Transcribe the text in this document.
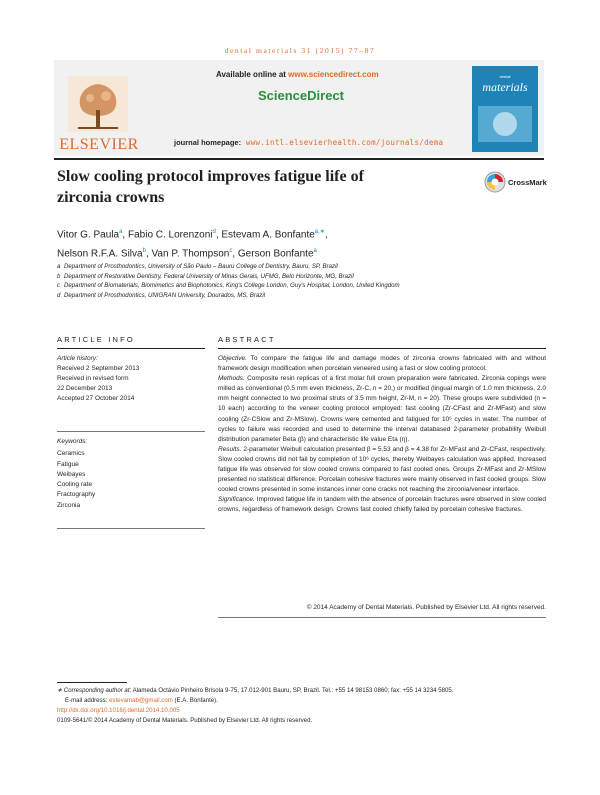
dental materials 31 (2015) 77–87
ELSEVIER
Available online at www.sciencedirect.com
ScienceDirect
journal homepage: www.intl.elsevierhealth.com/journals/dema
dental
materials
Slow cooling protocol improves fatigue life of
zirconia crowns
CrossMark
Vitor G. Paula$^a$, Fabio C. Lorenzoni$^d$, Estevam A. Bonfante$^{a,∗}$,
Nelson R.F.A. Silva$^b$, Van P. Thompson$^c$, Gerson Bonfante$^a$
a Department of Prosthodontics, University of São Paulo – Bauru College of Dentistry, Bauru, SP, Brazil
b Department of Restorative Dentistry, Federal University of Minas Gerais, UFMG, Belo Horizonte, MG, Brazil
c Department of Biomaterials, Biomimetics and Biophotonics, King's College London, Guy's Hospital, London, United Kingdom
d Department of Prosthodontics, UNIGRAN University, Dourados, MS, Brazil
ARTICLE INFO	ABSTRACT
Article history:
Received 2 September 2013
Received in revised form
22 December 2013
Accepted 27 October 2014
Keywords:
Ceramics
Fatigue
Weibayes
Cooling rate
Fractography
Zirconia

Objective. To compare the fatigue life and damage modes of zirconia crowns fabricated with and without framework design modification when porcelain veneered using a fast or slow cooling protocol.

Methods. Composite resin replicas of a first molar full crown preparation were fabricated. Zirconia copings were milled as conventional (0.5 mm even thickness, Zr-C, n = 20,) or modified (lingual margin of 1.0 mm thickness, 2.0 mm height connected to two proximal struts of 3.5 mm height, Zr-M, n = 20). These groups were subdivided (n = 10 each) according to the veneer cooling protocol employed: fast cooling (Zr-CFast and Zr-MFast) and slow cooling (Zr-CSlow and Zr-MSlow). Crowns were cemented and fatigued for 10⁶ cycles in water. The number of cycles to failure was recorded and used to determine the interval databased 2-parameter probability Weibull distribution parameter Beta (β) and characteristic life value Eta (η).

Results. 2-parameter Weibull calculation presented β = 5.53 and β = 4.38 for Zr-MFast and Zr-CFast, respectively. Slow cooled crowns did not fail by completion of 10⁶ cycles, thereby Weibayes calculation was applied. Increased fatigue life was observed for slow cooled crowns compared to fast cooled ones. Groups Zr-MFast and Zr-MSlow presented no statistical difference. Porcelain cohesive fractures were mainly observed in fast cooled groups. Slow cooled crowns presented in some instances inner cone cracks not reaching the zirconia/veneer interface.

Significance. Improved fatigue life in tandem with the absence of porcelain fractures were observed in slow cooled crowns, regardless of framework design. Crowns fast cooled chiefly failed by porcelain cohesive fractures.

© 2014 Academy of Dental Materials. Published by Elsevier Ltd. All rights reserved.
∗ Corresponding author at: Alameda Octávio Pinheiro Brisola 9-75, 17.012-901 Bauru, SP, Brazil. Tel.: +55 14 98153 0860; fax: +55 14 3234 5805.
E-mail address: estevamab@gmail.com (E.A. Bonfante).
http://dx.doi.org/10.1016/j.dental.2014.10.005
0109-5641/© 2014 Academy of Dental Materials. Published by Elsevier Ltd. All rights reserved.
